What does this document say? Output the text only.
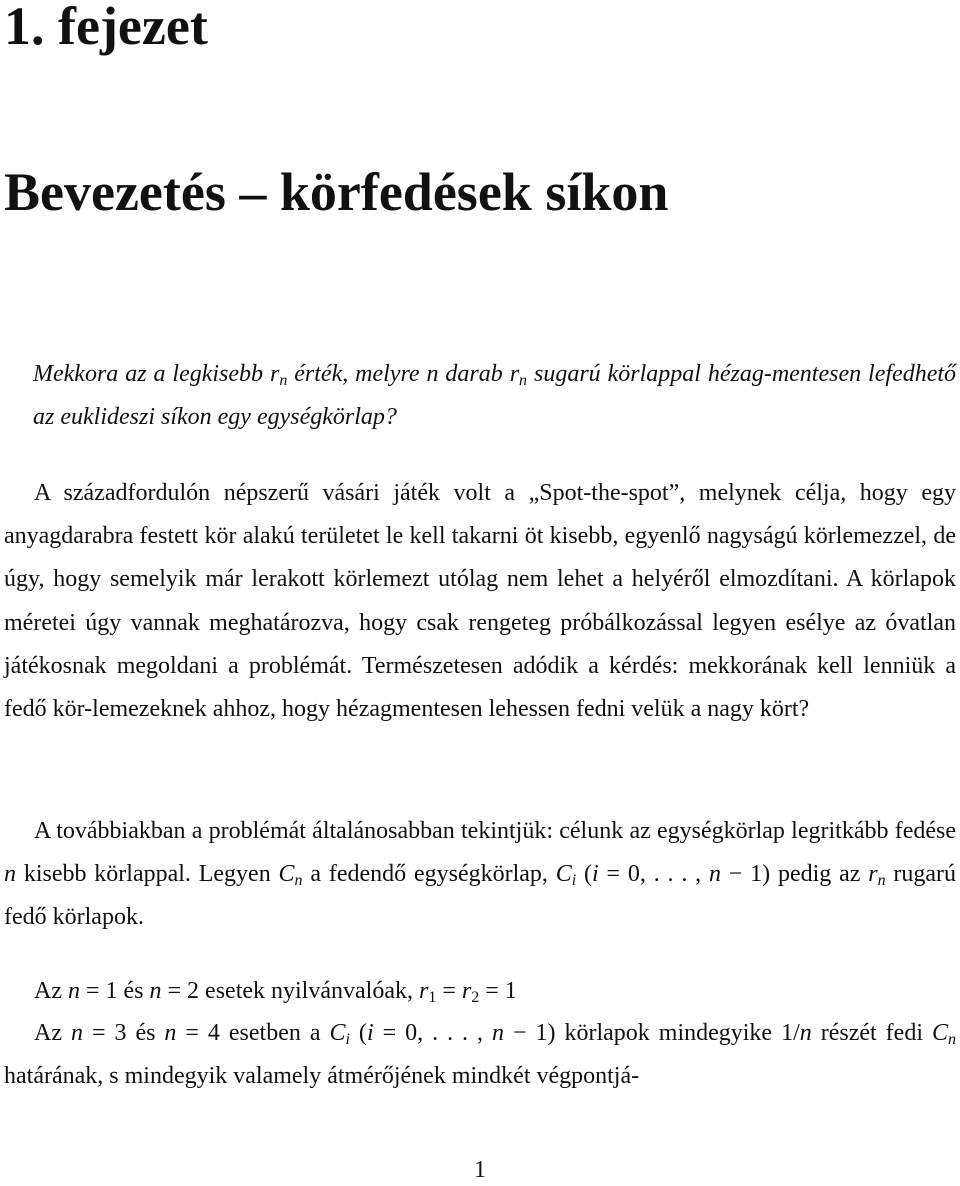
1. fejezet
Bevezetés – körfedések síkon

Mekkora az a legkisebb $r_n$ érték, melyre n darab $r_n$ sugarú körlappal hézag-mentesen lefedhető az euklideszi síkon egy egységkörlap?

A századfordulón népszerű vásári játék volt a „Spot-the-spot”, melynek célja, hogy egy anyagdarabra festett kör alakú területet le kell takarni öt kisebb, egyenlő nagyságú körlemezzel, de úgy, hogy semelyik már lerakott körlemezt utólag nem lehet a helyéről elmozdítani. A körlapok méretei úgy vannak meghatározva, hogy csak rengeteg próbálkozással legyen esélye az óvatlan játékosnak megoldani a problémát. Természetesen adódik a kérdés: mekkorának kell lenniük a fedő kör-lemezeknek ahhoz, hogy hézagmentesen lehessen fedni velük a nagy kört?

A továbbiakban a problémát általánosabban tekintjük: célunk az egységkörlap legritkább fedése n kisebb körlappal. Legyen $C_n$ a fedendő egységkörlap, $C_i$ (i = 0, . . . , n − 1) pedig az $r_n$ rugarú fedő körlapok.

Az n = 1 és n = 2 esetek nyilvánvalóak, $r_1 = r_2 = 1$

Az n = 3 és n = 4 esetben a $C_i$ (i = 0, . . . , n − 1) körlapok mindegyike 1/n részét fedi $C_n$ határának, s mindegyik valamely átmérőjének mindkét végpontjá-

1
